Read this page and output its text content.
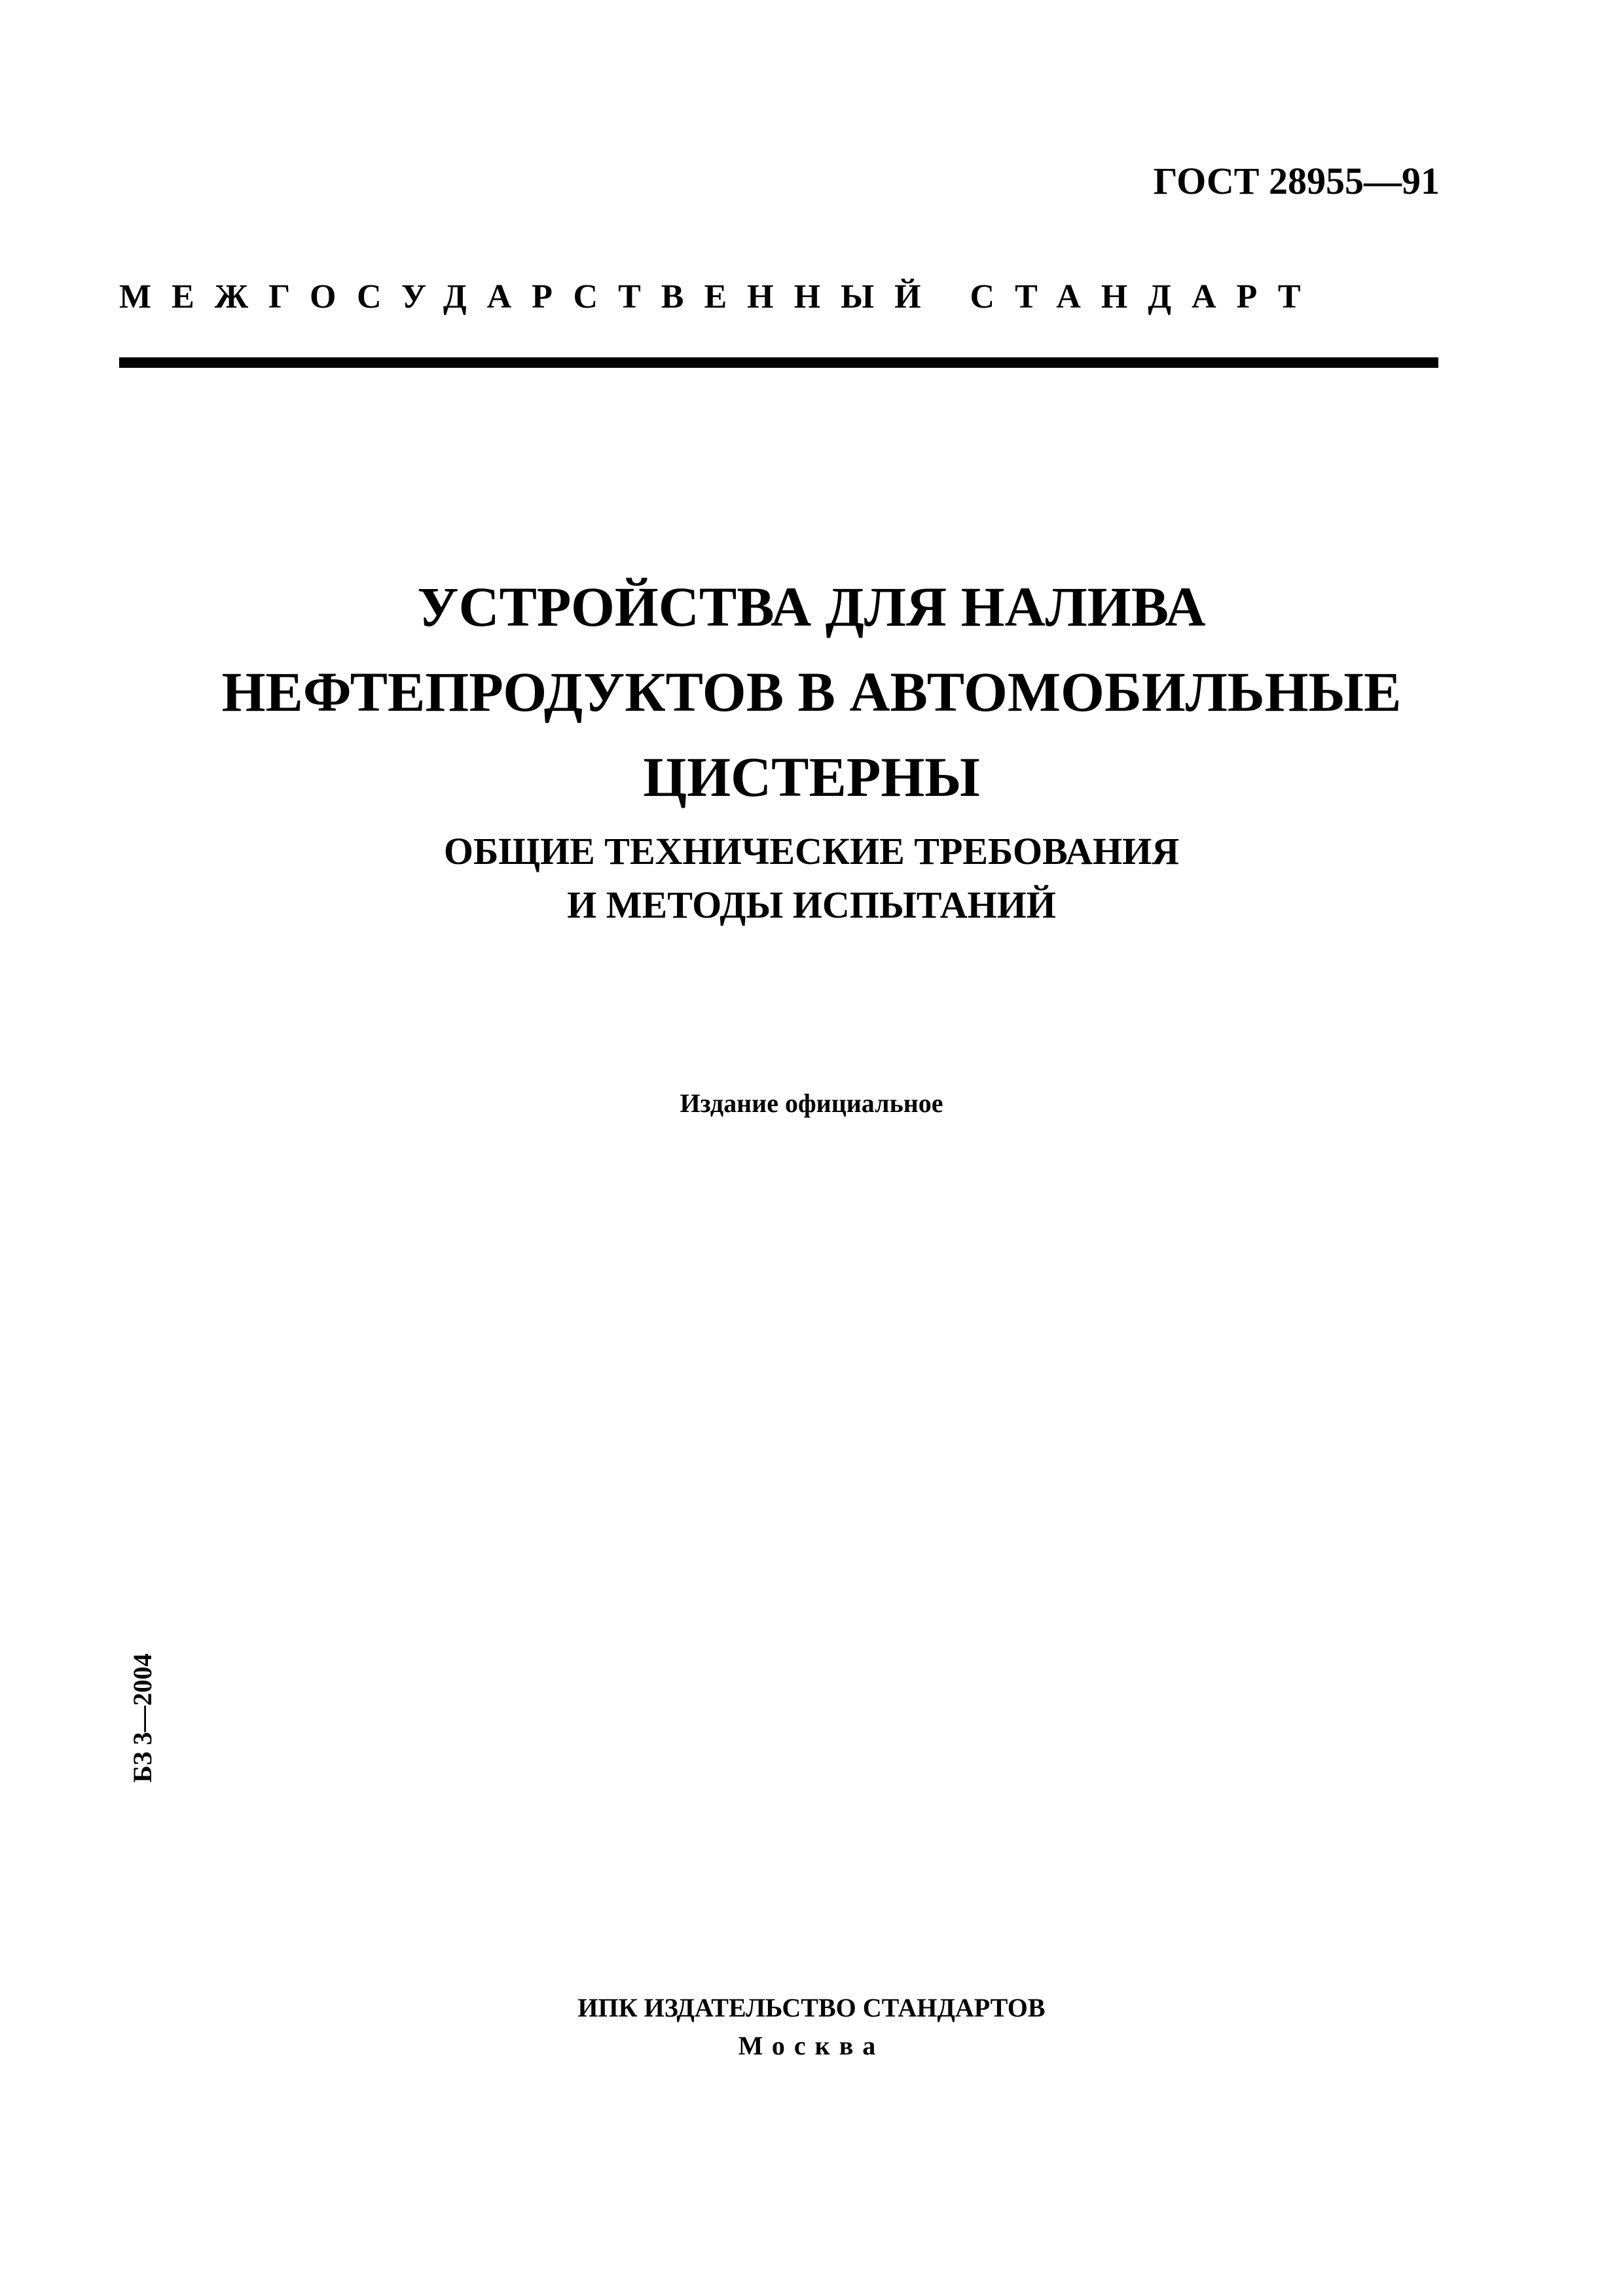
ГОСТ 28955—91
МЕЖГОСУДАРСТВЕННЫЙ СТАНДАРТ
УСТРОЙСТВА ДЛЯ НАЛИВА
НЕФТЕПРОДУКТОВ В АВТОМОБИЛЬНЫЕ
ЦИСТЕРНЫ
ОБЩИЕ ТЕХНИЧЕСКИЕ ТРЕБОВАНИЯ
И МЕТОДЫ ИСПЫТАНИЙ
Издание официальное
БЗ 3—2004
ИПК ИЗДАТЕЛЬСТВО СТАНДАРТОВ
Москва
